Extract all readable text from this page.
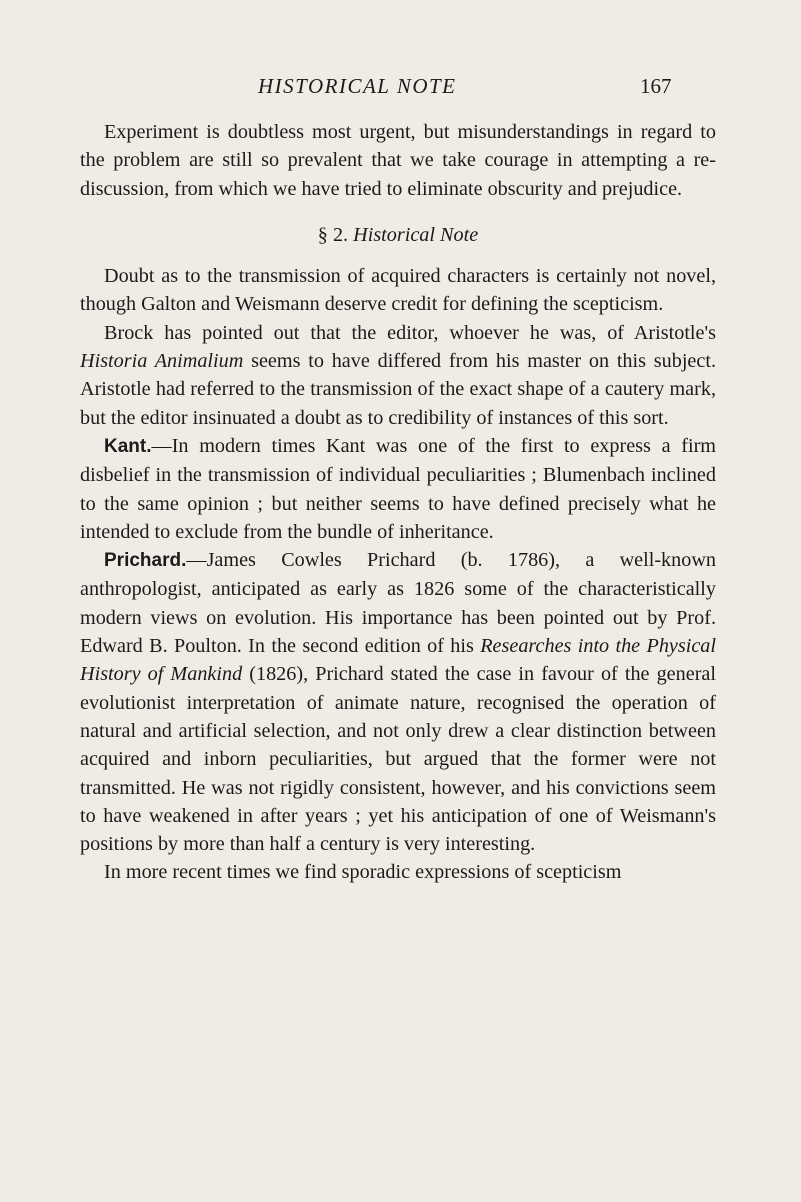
HISTORICAL NOTE	167

Experiment is doubtless most urgent, but misunderstandings in regard to the problem are still so prevalent that we take courage in attempting a re-discussion, from which we have tried to eliminate obscurity and prejudice.

§ 2. Historical Note

Doubt as to the transmission of acquired characters is certainly not novel, though Galton and Weismann deserve credit for defining the scepticism.

Brock has pointed out that the editor, whoever he was, of Aristotle's Historia Animalium seems to have differed from his master on this subject. Aristotle had referred to the transmission of the exact shape of a cautery mark, but the editor insinuated a doubt as to credibility of instances of this sort.

Kant.—In modern times Kant was one of the first to express a firm disbelief in the transmission of individual peculiarities ; Blumenbach inclined to the same opinion ; but neither seems to have defined precisely what he intended to exclude from the bundle of inheritance.

Prichard.—James Cowles Prichard (b. 1786), a well-known anthropologist, anticipated as early as 1826 some of the characteristically modern views on evolution. His importance has been pointed out by Prof. Edward B. Poulton. In the second edition of his Researches into the Physical History of Mankind (1826), Prichard stated the case in favour of the general evolutionist interpretation of animate nature, recognised the operation of natural and artificial selection, and not only drew a clear distinction between acquired and inborn peculiarities, but argued that the former were not transmitted. He was not rigidly consistent, however, and his convictions seem to have weakened in after years ; yet his anticipation of one of Weismann's positions by more than half a century is very interesting.

In more recent times we find sporadic expressions of scepticism
